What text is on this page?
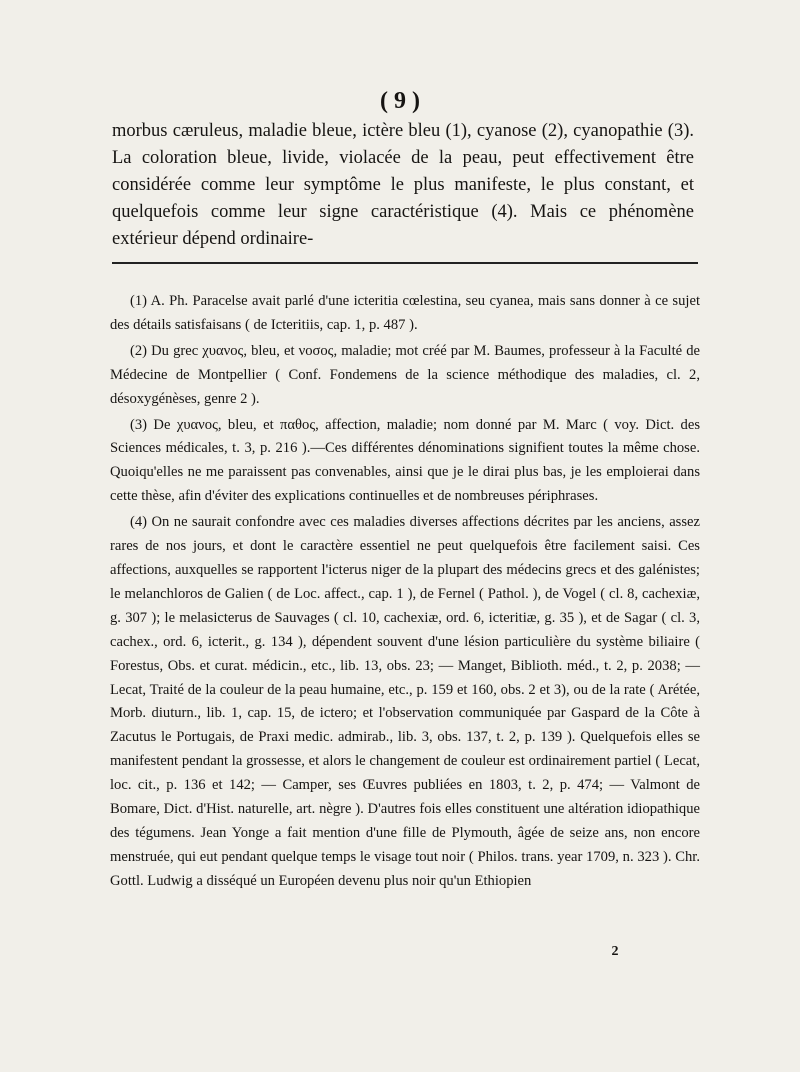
( 9 )
morbus cæruleus, maladie bleue, ictère bleu (1), cyanose (2), cyanopathie (3). La coloration bleue, livide, violacée de la peau, peut effectivement être considérée comme leur symptôme le plus manifeste, le plus constant, et quelquefois comme leur signe caractéristique (4). Mais ce phénomène extérieur dépend ordinaire-

(1) A. Ph. Paracelse avait parlé d'une icteritia cœlestina, seu cyanea, mais sans donner à ce sujet des détails satisfaisans ( de Icteritiis, cap. 1, p. 487 ).

(2) Du grec χυανος, bleu, et νοσος, maladie; mot créé par M. Baumes, professeur à la Faculté de Médecine de Montpellier ( Conf. Fondemens de la science méthodique des maladies, cl. 2, désoxygénèses, genre 2 ).

(3) De χυανος, bleu, et παθος, affection, maladie; nom donné par M. Marc ( voy. Dict. des Sciences médicales, t. 3, p. 216 ).—Ces différentes dénominations signifient toutes la même chose. Quoiqu'elles ne me paraissent pas convenables, ainsi que je le dirai plus bas, je les emploierai dans cette thèse, afin d'éviter des explications continuelles et de nombreuses périphrases.

(4) On ne saurait confondre avec ces maladies diverses affections décrites par les anciens, assez rares de nos jours, et dont le caractère essentiel ne peut quelquefois être facilement saisi. Ces affections, auxquelles se rapportent l'icterus niger de la plupart des médecins grecs et des galénistes; le melanchloros de Galien ( de Loc. affect., cap. 1 ), de Fernel ( Pathol. ), de Vogel ( cl. 8, cachexiæ, g. 307 ); le melasicterus de Sauvages ( cl. 10, cachexiæ, ord. 6, icteritiæ, g. 35 ), et de Sagar ( cl. 3, cachex., ord. 6, icterit., g. 134 ), dépendent souvent d'une lésion particulière du système biliaire ( Forestus, Obs. et curat. médicin., etc., lib. 13, obs. 23; — Manget, Biblioth. méd., t. 2, p. 2038; — Lecat, Traité de la couleur de la peau humaine, etc., p. 159 et 160, obs. 2 et 3), ou de la rate ( Arétée, Morb. diuturn., lib. 1, cap. 15, de ictero; et l'observation communiquée par Gaspard de la Côte à Zacutus le Portugais, de Praxi medic. admirab., lib. 3, obs. 137, t. 2, p. 139 ). Quelquefois elles se manifestent pendant la grossesse, et alors le changement de couleur est ordinairement partiel ( Lecat, loc. cit., p. 136 et 142; — Camper, ses Œuvres publiées en 1803, t. 2, p. 474; — Valmont de Bomare, Dict. d'Hist. naturelle, art. nègre ). D'autres fois elles constituent une altération idiopathique des tégumens. Jean Yonge a fait mention d'une fille de Plymouth, âgée de seize ans, non encore menstruée, qui eut pendant quelque temps le visage tout noir ( Philos. trans. year 1709, n. 323 ). Chr. Gottl. Ludwig a disséqué un Européen devenu plus noir qu'un Ethiopien

2
